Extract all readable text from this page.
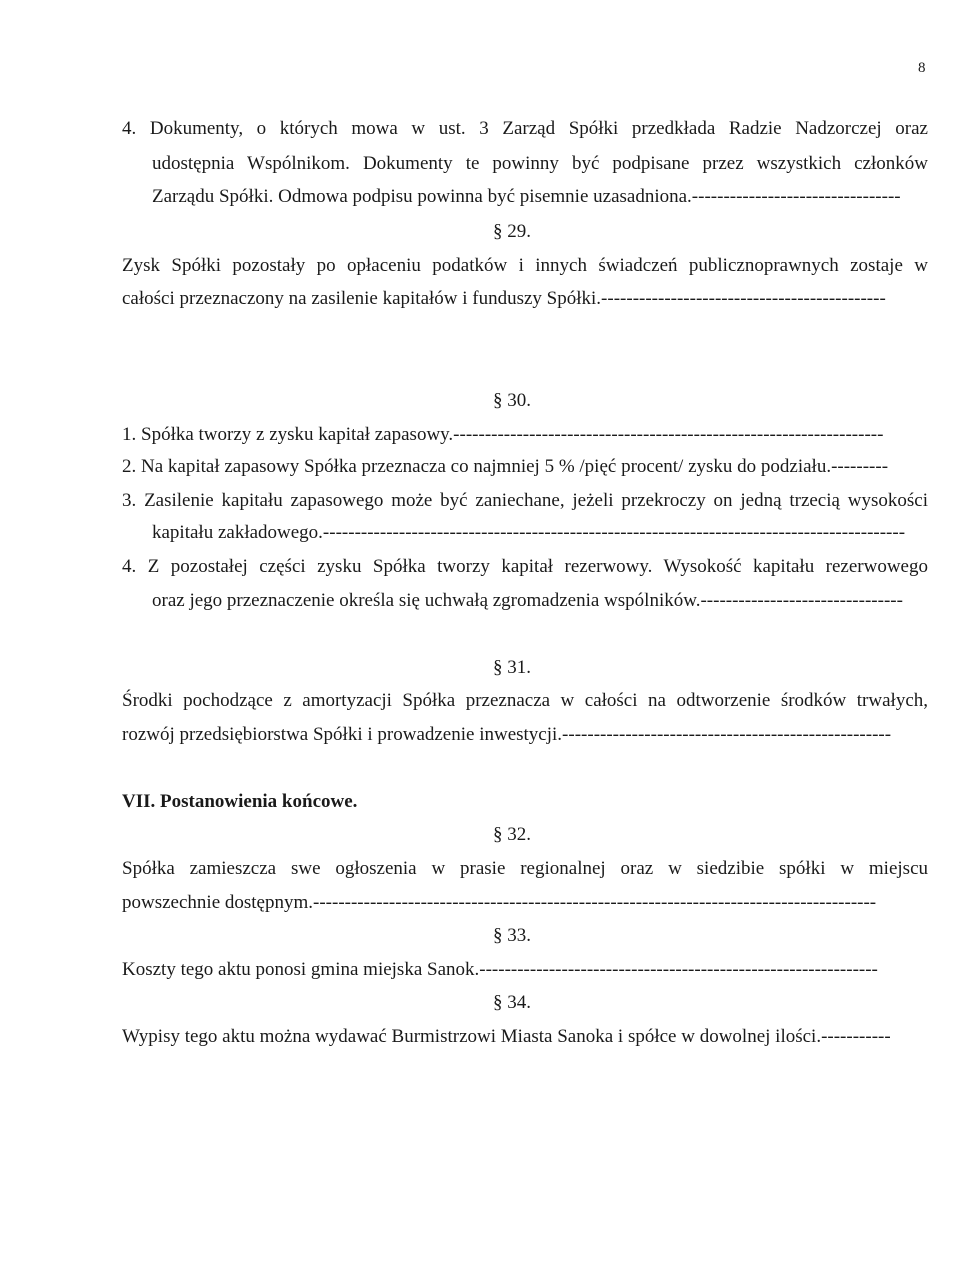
8
4. Dokumenty, o których mowa w ust. 3 Zarząd Spółki przedkłada Radzie Nadzorczej oraz
udostępnia Wspólnikom. Dokumenty te powinny być podpisane przez wszystkich członków
Zarządu Spółki. Odmowa podpisu powinna być pisemnie uzasadniona.---------------------------------
§ 29.
Zysk Spółki pozostały po opłaceniu podatków i innych świadczeń publicznoprawnych zostaje w
całości przeznaczony na zasilenie kapitałów i funduszy Spółki.---------------------------------------------
§ 30.
1. Spółka tworzy z zysku kapitał zapasowy.--------------------------------------------------------------------
2. Na kapitał zapasowy Spółka przeznacza co najmniej 5 % /pięć procent/ zysku do podziału.---------
3. Zasilenie kapitału zapasowego może być zaniechane, jeżeli przekroczy on jedną trzecią wysokości
kapitału zakładowego.--------------------------------------------------------------------------------------------
4. Z pozostałej części zysku Spółka tworzy kapitał rezerwowy. Wysokość kapitału rezerwowego
oraz jego przeznaczenie określa się uchwałą zgromadzenia wspólników.--------------------------------
§ 31.
Środki pochodzące z amortyzacji Spółka przeznacza w całości na odtworzenie środków trwałych,
rozwój przedsiębiorstwa Spółki i prowadzenie inwestycji.----------------------------------------------------
VII. Postanowienia końcowe.
§ 32.
Spółka zamieszcza swe ogłoszenia w prasie regionalnej oraz w siedzibie spółki w miejscu
powszechnie dostępnym.-----------------------------------------------------------------------------------------
§ 33.
Koszty tego aktu ponosi gmina miejska Sanok.---------------------------------------------------------------
§ 34.
Wypisy tego aktu można wydawać Burmistrzowi Miasta Sanoka i spółce w dowolnej ilości.-----------
